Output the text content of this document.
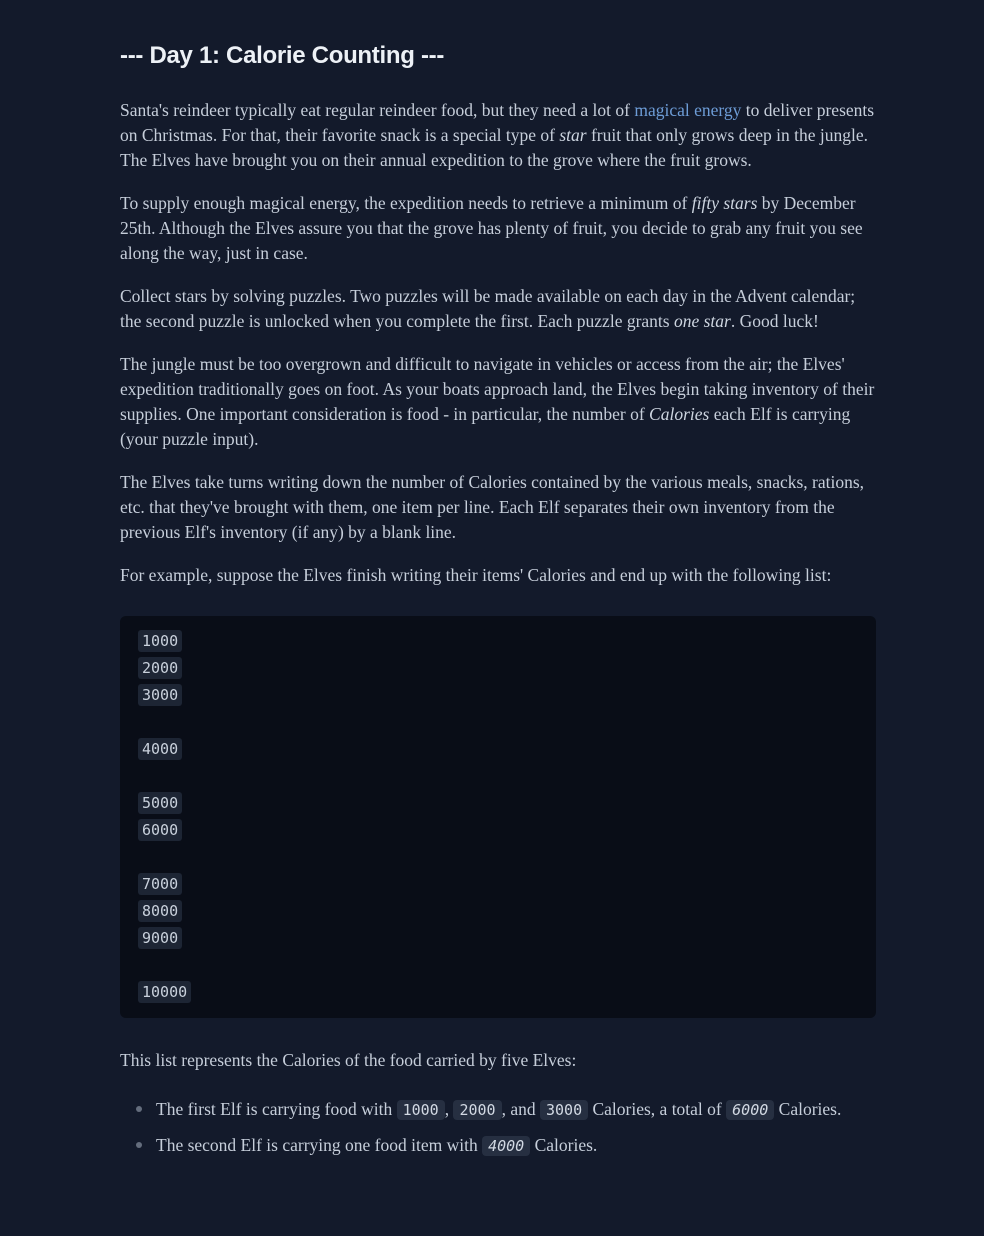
--- Day 1: Calorie Counting ---

Santa's reindeer typically eat regular reindeer food, but they need a lot of magical energy to deliver presents on Christmas. For that, their favorite snack is a special type of star fruit that only grows deep in the jungle. The Elves have brought you on their annual expedition to the grove where the fruit grows.

To supply enough magical energy, the expedition needs to retrieve a minimum of fifty stars by December 25th. Although the Elves assure you that the grove has plenty of fruit, you decide to grab any fruit you see along the way, just in case.

Collect stars by solving puzzles. Two puzzles will be made available on each day in the Advent calendar; the second puzzle is unlocked when you complete the first. Each puzzle grants one star. Good luck!

The jungle must be too overgrown and difficult to navigate in vehicles or access from the air; the Elves' expedition traditionally goes on foot. As your boats approach land, the Elves begin taking inventory of their supplies. One important consideration is food - in particular, the number of Calories each Elf is carrying (your puzzle input).

The Elves take turns writing down the number of Calories contained by the various meals, snacks, rations, etc. that they've brought with them, one item per line. Each Elf separates their own inventory from the previous Elf's inventory (if any) by a blank line.

For example, suppose the Elves finish writing their items' Calories and end up with the following list:

1000
2000
3000
4000
5000
6000
7000
8000
9000
10000

This list represents the Calories of the food carried by five Elves:

The first Elf is carrying food with 1000 , 2000 , and 3000 Calories, a total of 6000 Calories.
The second Elf is carrying one food item with 4000 Calories.
